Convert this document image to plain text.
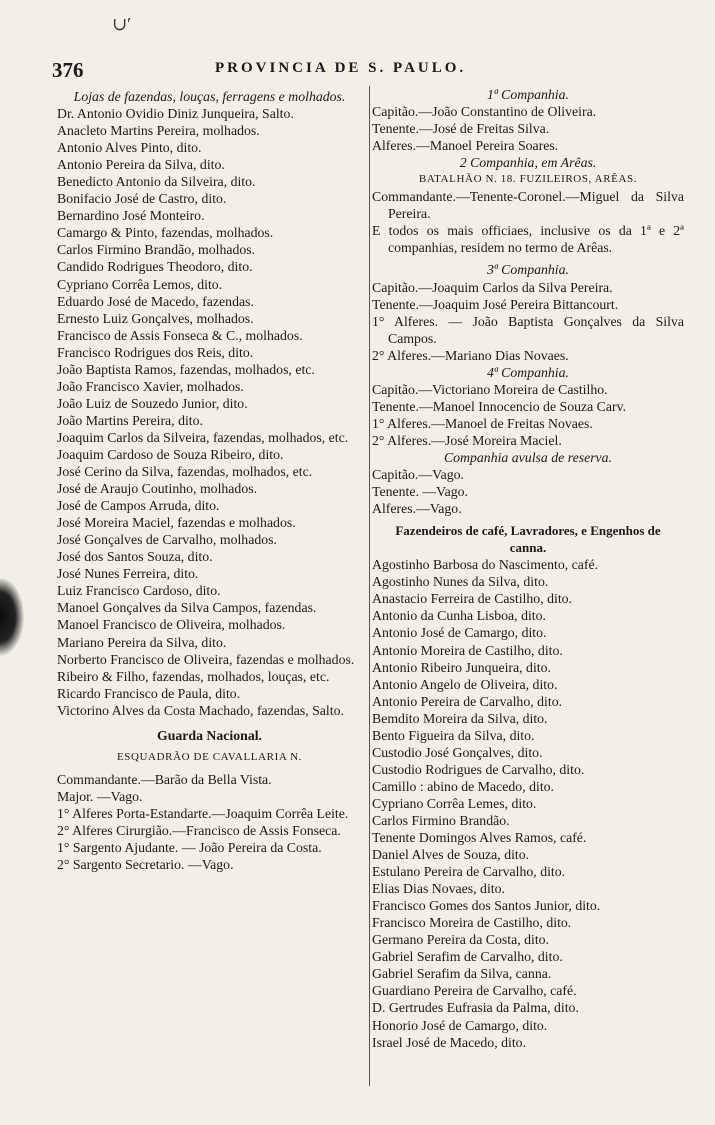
∪′
376	PROVINCIA DE S. PAULO.

Lojas de fazendas, louças, ferragens e molhados.

Dr. Antonio Ovidio Diniz Junqueira, Salto.

Anacleto Martins Pereira, molhados.

Antonio Alves Pinto, dito.

Antonio Pereira da Silva, dito.

Benedicto Antonio da Silveira, dito.

Bonifacio José de Castro, dito.

Bernardino José Monteiro.

Camargo & Pinto, fazendas, molhados.

Carlos Firmino Brandão, molhados.

Candido Rodrigues Theodoro, dito.

Cypriano Corrêa Lemos, dito.

Eduardo José de Macedo, fazendas.

Ernesto Luiz Gonçalves, molhados.

Francisco de Assis Fonseca & C., molhados.

Francisco Rodrigues dos Reis, dito.

João Baptista Ramos, fazendas, molhados, etc.

João Francisco Xavier, molhados.

João Luiz de Souzedo Junior, dito.

João Martins Pereira, dito.

Joaquim Carlos da Silveira, fazendas, molhados, etc.

Joaquim Cardoso de Souza Ribeiro, dito.

José Cerino da Silva, fazendas, molhados, etc.

José de Araujo Coutinho, molhados.

José de Campos Arruda, dito.

José Moreira Maciel, fazendas e molhados.

José Gonçalves de Carvalho, molhados.

José dos Santos Souza, dito.

José Nunes Ferreira, dito.

Luiz Francisco Cardoso, dito.

Manoel Gonçalves da Silva Campos, fazendas.

Manoel Francisco de Oliveira, molhados.

Mariano Pereira da Silva, dito.

Norberto Francisco de Oliveira, fazendas e molhados.

Ribeiro & Filho, fazendas, molhados, louças, etc.

Ricardo Francisco de Paula, dito.

Victorino Alves da Costa Machado, fazendas, Salto.

Guarda Nacional.

ESQUADRÃO DE CAVALLARIA N.

Commandante.—Barão da Bella Vista.

Major. —Vago.

1° Alferes Porta-Estandarte.—Joaquim Corrêa Leite.

2° Alferes Cirurgião.—Francisco de Assis Fonseca.

1° Sargento Ajudante. — João Pereira da Costa.

2° Sargento Secretario. —Vago.

1ª Companhia.

Capitão.—João Constantino de Oliveira.

Tenente.—José de Freitas Silva.

Alferes.—Manoel Pereira Soares.

2 Companhia, em Arêas.

BATALHÃO N. 18. FUZILEIROS, ARÊAS.

Commandante.—Tenente-Coronel.—Miguel da Silva Pereira.

E todos os mais officiaes, inclusive os da 1ª e 2ª companhias, residem no termo de Arêas.

3ª Companhia.

Capitão.—Joaquim Carlos da Silva Pereira.

Tenente.—Joaquim José Pereira Bittancourt.

1° Alferes. — João Baptista Gonçalves da Silva Campos.

2° Alferes.—Mariano Dias Novaes.

4ª Companhia.

Capitão.—Victoriano Moreira de Castilho.

Tenente.—Manoel Innocencio de Souza Carv.

1° Alferes.—Manoel de Freitas Novaes.

2° Alferes.—José Moreira Maciel.

Companhia avulsa de reserva.

Capitão.—Vago.

Tenente. —Vago.

Alferes.—Vago.

Fazendeiros de café, Lavradores, e Engenhos de canna.

Agostinho Barbosa do Nascimento, café.

Agostinho Nunes da Silva, dito.

Anastacio Ferreira de Castilho, dito.

Antonio da Cunha Lisboa, dito.

Antonio José de Camargo, dito.

Antonio Moreira de Castilho, dito.

Antonio Ribeiro Junqueira, dito.

Antonio Angelo de Oliveira, dito.

Antonio Pereira de Carvalho, dito.

Bemdito Moreira da Silva, dito.

Bento Figueira da Silva, dito.

Custodio José Gonçalves, dito.

Custodio Rodrigues de Carvalho, dito.

Camillo : abino de Macedo, dito.

Cypriano Corrêa Lemes, dito.

Carlos Firmino Brandão.

Tenente Domingos Alves Ramos, café.

Daniel Alves de Souza, dito.

Estulano Pereira de Carvalho, dito.

Elias Dias Novaes, dito.

Francisco Gomes dos Santos Junior, dito.

Francisco Moreira de Castilho, dito.

Germano Pereira da Costa, dito.

Gabriel Serafim de Carvalho, dito.

Gabriel Serafim da Silva, canna.

Guardiano Pereira de Carvalho, café.

D. Gertrudes Eufrasia da Palma, dito.

Honorio José de Camargo, dito.

Israel José de Macedo, dito.
